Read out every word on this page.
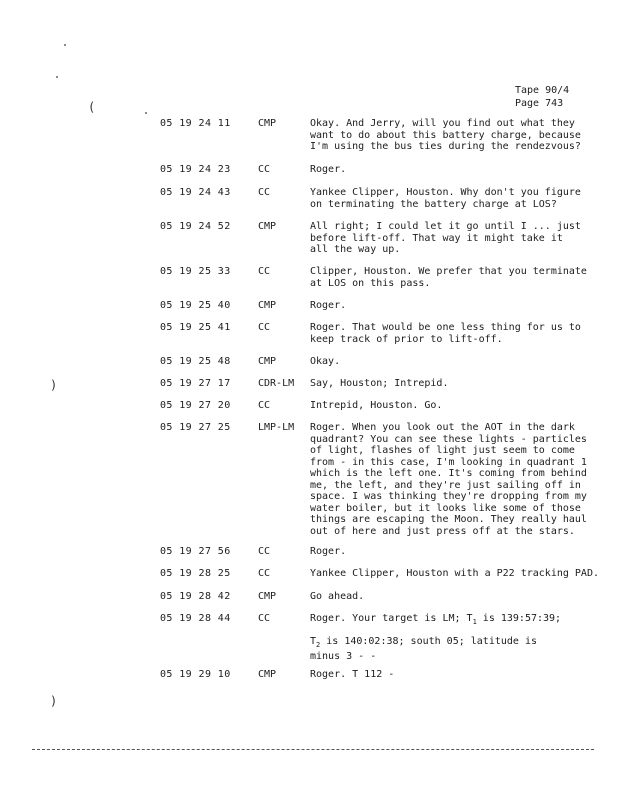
Tape 90/4
Page 743
(
)
)
05 19 24 11	CMP	Okay. And Jerry, will you find out what they
want to do about this battery charge, because
I'm using the bus ties during the rendezvous?
05 19 24 23	CC	Roger.
05 19 24 43	CC	Yankee Clipper, Houston. Why don't you figure
on terminating the battery charge at LOS?
05 19 24 52	CMP	All right; I could let it go until I ... just
before lift-off. That way it might take it
all the way up.
05 19 25 33	CC	Clipper, Houston. We prefer that you terminate
at LOS on this pass.
05 19 25 40	CMP	Roger.
05 19 25 41	CC	Roger. That would be one less thing for us to
keep track of prior to lift-off.
05 19 25 48	CMP	Okay.
05 19 27 17	CDR-LM Say, Houston; Intrepid.
05 19 27 20	CC	Intrepid, Houston. Go.
05 19 27 25	LMP-LM Roger. When you look out the AOT in the dark
quadrant? You can see these lights - particles
of light, flashes of light just seem to come
from - in this case, I'm looking in quadrant 1
which is the left one. It's coming from behind
me, the left, and they're just sailing off in
space. I was thinking they're dropping from my
water boiler, but it looks like some of those
things are escaping the Moon. They really haul
out of here and just press off at the stars.
05 19 27 56	CC	Roger.
05 19 28 25	CC	Yankee Clipper, Houston with a P22 tracking PAD.
05 19 28 42	CMP	Go ahead.
05 19 28 44	CC	Roger. Your target is LM; $T_1$ is 139:57:39;
$T_2$ is 140:02:38; south 05; latitude is
minus 3 - -
05 19 29 10	CMP	Roger. T 112 -
